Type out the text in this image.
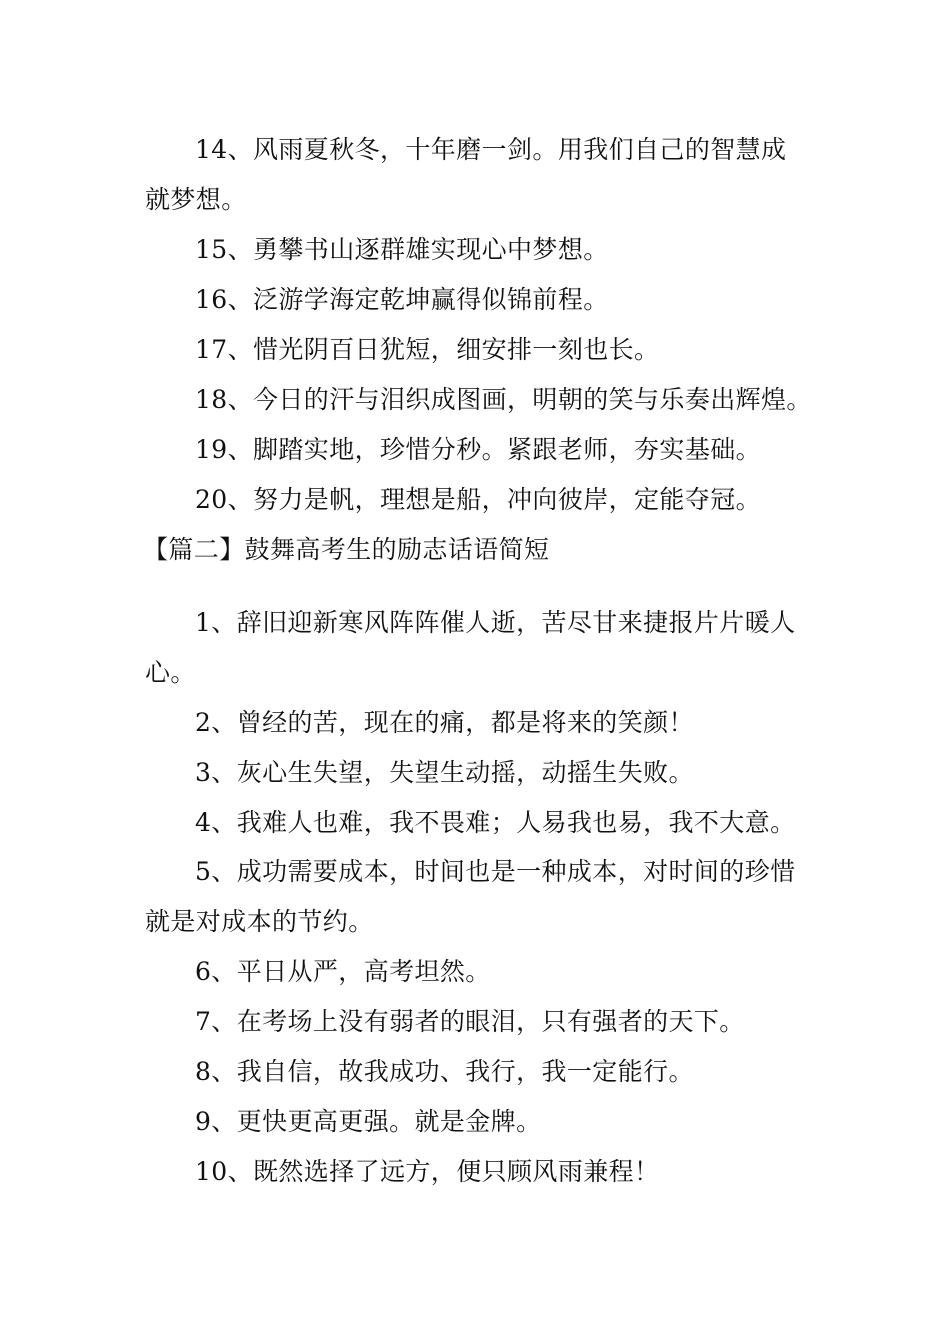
14、风雨夏秋冬，十年磨一剑。用我们自己的智慧成
就梦想。
15、勇攀书山逐群雄实现心中梦想。
16、泛游学海定乾坤赢得似锦前程。
17、惜光阴百日犹短，细安排一刻也长。
18、今日的汗与泪织成图画，明朝的笑与乐奏出辉煌。
19、脚踏实地，珍惜分秒。紧跟老师，夯实基础。
20、努力是帆，理想是船，冲向彼岸，定能夺冠。
【篇二】鼓舞高考生的励志话语简短
1、辞旧迎新寒风阵阵催人逝，苦尽甘来捷报片片暖人
心。
2、曾经的苦，现在的痛，都是将来的笑颜！
3、灰心生失望，失望生动摇，动摇生失败。
4、我难人也难，我不畏难；人易我也易，我不大意。
5、成功需要成本，时间也是一种成本，对时间的珍惜
就是对成本的节约。
6、平日从严，高考坦然。
7、在考场上没有弱者的眼泪，只有强者的天下。
8、我自信，故我成功、我行，我一定能行。
9、更快更高更强。就是金牌。
10、既然选择了远方，便只顾风雨兼程！
